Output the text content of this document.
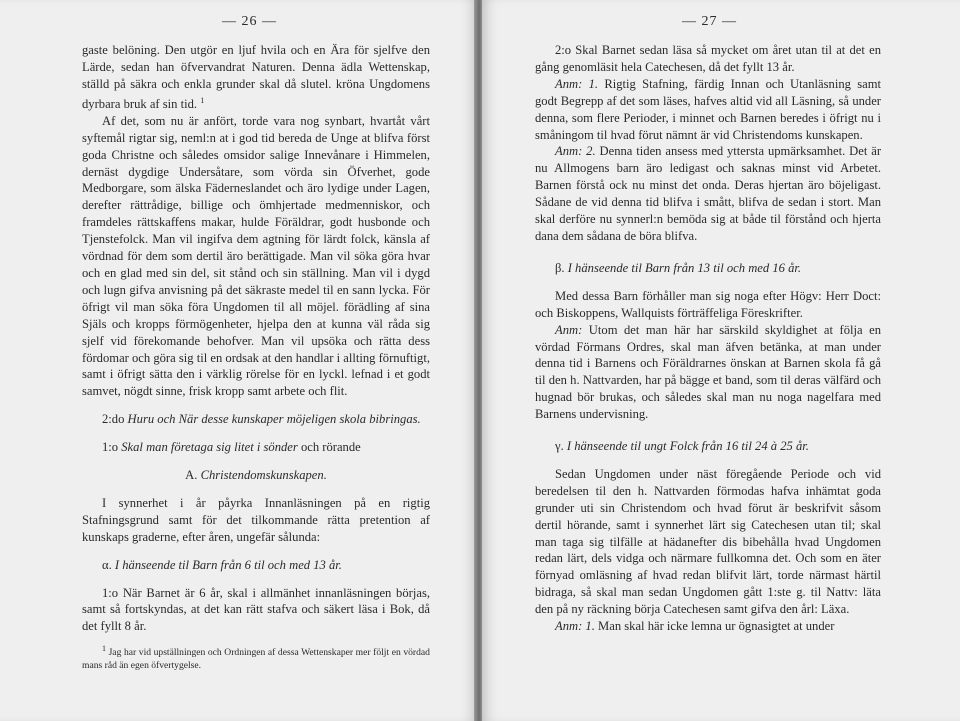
— 26 —

gaste belöning. Den utgör en ljuf hvila och en Ära för sjelfve den Lärde, sedan han öfvervandrat Naturen. Denna ädla Wettenskap, ställd på säkra och enkla grunder skal då slutel. kröna Ungdomens dyrbara bruk af sin tid. $^1$

Af det, som nu är anfört, torde vara nog synbart, hvartåt vårt syftemål rigtar sig, neml:n at i god tid bereda de Unge at blifva först goda Christne och således omsidor salige Innevånare i Himmelen, dernäst dygdige Undersåtare, som vörda sin Öfverhet, gode Medborgare, som älska Fäderneslandet och äro lydige under Lagen, derefter rättrådige, billige och ömhjertade medmenniskor, och framdeles rättskaffens makar, hulde Föräldrar, godt husbonde och Tjenstefolck. Man vil ingifva dem agtning för lärdt folck, känsla af vördnad för dem som dertil äro berättigade. Man vil söka göra hvar och en glad med sin del, sit stånd och sin ställning. Man vil i dygd och lugn gifva anvisning på det säkraste medel til en sann lycka. För öfrigt vil man söka föra Ungdomen til all möjel. förädling af sina Själs och kropps förmögenheter, hjelpa den at kunna väl råda sig sjelf vid förekomande behofver. Man vil upsöka och rätta dess fördomar och göra sig til en ordsak at den handlar i allting förnuftigt, samt i öfrigt sätta den i värklig rörelse för en lyckl. lefnad i et godt samvet, nögdt sinne, frisk kropp samt arbete och flit.

2:do Huru och När desse kunskaper möjeligen skola bibringas.

1:o Skal man företaga sig litet i sönder och rörande

A. Christendomskunskapen.

I synnerhet i år påyrka Innanläsningen på en rigtig Stafningsgrund samt för det tilkommande rätta pretention af kunskaps graderne, efter åren, ungefär sålunda:

α. I hänseende til Barn från 6 til och med 13 år.

1:o När Barnet är 6 år, skal i allmänhet innanläsningen börjas, samt så fortskyndas, at det kan rätt stafva och säkert läsa i Bok, då det fyllt 8 år.

$^1$ Jag har vid upställningen och Ordningen af dessa Wettenskaper mer följt en vördad mans råd än egen öfvertygelse.

— 27 —

2:o Skal Barnet sedan läsa så mycket om året utan til at det en gång genomläsit hela Catechesen, då det fyllt 13 år.

Anm: 1. Rigtig Stafning, färdig Innan och Utanläsning samt godt Begrepp af det som läses, hafves altid vid all Läsning, så under denna, som flere Perioder, i minnet och Barnen beredes i öfrigt nu i småningom til hvad förut nämnt är vid Christendoms kunskapen.

Anm: 2. Denna tiden ansess med yttersta upmärksamhet. Det är nu Allmogens barn äro ledigast och saknas minst vid Arbetet. Barnen förstå ock nu minst det onda. Deras hjertan äro böjeligast. Sådane de vid denna tid blifva i smått, blifva de sedan i stort. Man skal derföre nu synnerl:n bemöda sig at både til förstånd och hjerta dana dem sådana de böra blifva.

β. I hänseende til Barn från 13 til och med 16 år.

Med dessa Barn förhåller man sig noga efter Högv: Herr Doct: och Biskoppens, Wallquists förträffeliga Föreskrifter.

Anm: Utom det man här har särskild skyldighet at följa en vördad Förmans Ordres, skal man äfven betänka, at man under denna tid i Barnens och Föräldrarnes önskan at Barnen skola få gå til den h. Nattvarden, har på bägge et band, som til deras välfärd och hugnad bör brukas, och således skal man nu noga nagelfara med Barnens undervisning.

γ. I hänseende til ungt Folck från 16 til 24 à 25 år.

Sedan Ungdomen under näst föregående Periode och vid beredelsen til den h. Nattvarden förmodas hafva inhämtat goda grunder uti sin Christendom och hvad förut är beskrifvit såsom dertil hörande, samt i synnerhet lärt sig Catechesen utan til; skal man taga sig tilfälle at hädanefter dis bibehålla hvad Ungdomen redan lärt, dels vidga och närmare fullkomna det. Och som en äter förnyad omläsning af hvad redan blifvit lärt, torde närmast härtil bidraga, så skal man sedan Ungdomen gått 1:ste g. til Nattv: läta den på ny räckning börja Catechesen samt gifva den årl: Läxa.

Anm: 1. Man skal här icke lemna ur ögnasigtet at under
